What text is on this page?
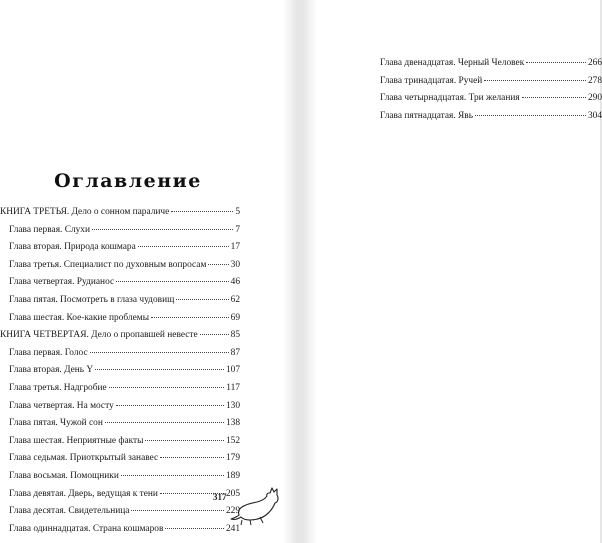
Оглавление
КНИГА ТРЕТЬЯ. Дело о сонном параличе	5
Глава первая. Слухи	7
Глава вторая. Природа кошмара	17
Глава третья. Специалист по духовным вопросам	30
Глава четвертая. Рудианос	46
Глава пятая. Посмотреть в глаза чудовищ	62
Глава шестая. Кое-какие проблемы	69
КНИГА ЧЕТВЕРТАЯ. Дело о пропавшей невесте	85
Глава первая. Голос	87
Глава вторая. День Y	107
Глава третья. Надгробие	117
Глава четвертая. На мосту	130
Глава пятая. Чужой сон	138
Глава шестая. Неприятные факты	152
Глава седьмая. Приоткрытый занавес	179
Глава восьмая. Помощники	189
Глава девятая. Дверь, ведущая к тени	205
Глава десятая. Свидетельница	229
Глава одиннадцатая. Страна кошмаров	241
317
Глава двенадцатая. Черный Человек	266
Глава тринадцатая. Ручей	278
Глава четырнадцатая. Три желания	290
Глава пятнадцатая. Явь	304
